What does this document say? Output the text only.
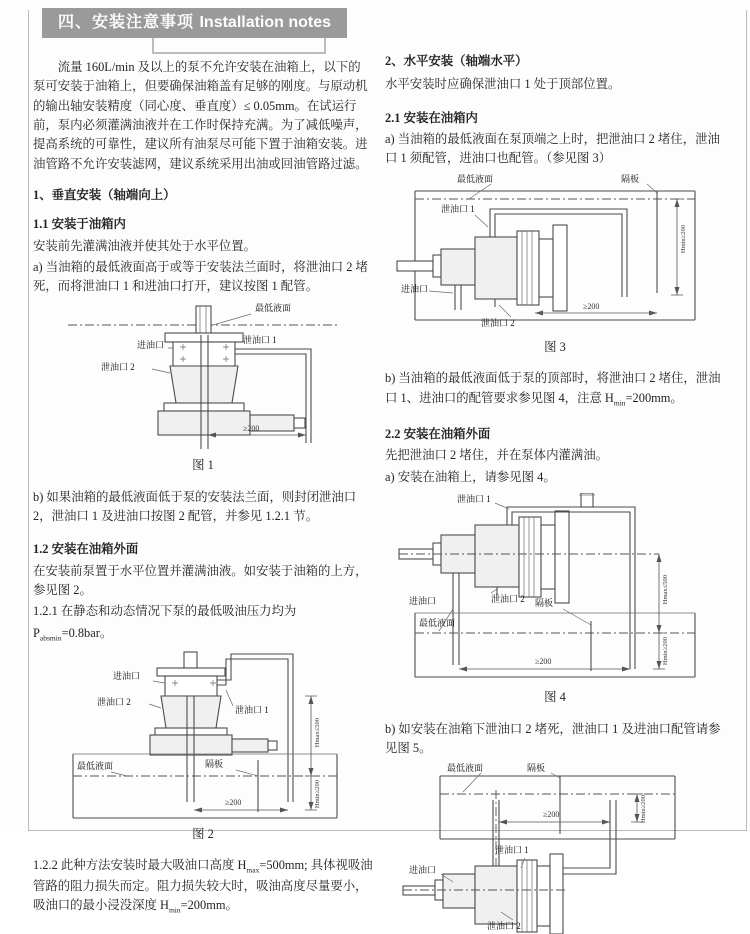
四、安装注意事项 Installation notes

流量 160L/min 及以上的泵不允许安装在油箱上，以下的泵可安装于油箱上，但要确保油箱盖有足够的刚度。与原动机的输出轴安装精度（同心度、垂直度）≤ 0.05mm。在试运行前，泵内必须灌满油液并在工作时保持充满。为了减低噪声，提高系统的可靠性，建议所有油泵尽可能下置于油箱安装。进油管路不允许安装滤网，建议系统采用出油或回油管路过滤。

1、垂直安装（轴端向上）

1.1 安装于油箱内

安装前先灌满油液并使其处于水平位置。

a) 当油箱的最低液面高于或等于安装法兰面时，将泄油口 2 堵死，而将泄油口 1 和进油口打开，建议按图 1 配管。

最低液面
进油口
泄油口 2
泄油口 1
≥200

图 1

b) 如果油箱的最低液面低于泵的安装法兰面，则封闭泄油口 2，泄油口 1 及进油口按图 2 配管，并参见 1.2.1 节。

1.2 安装在油箱外面

在安装前泵置于水平位置并灌满油液。如安装于油箱的上方，参见图 2。

1.2.1 在静态和动态情况下泵的最低吸油压力均为

$P_{absmin}=0.8bar$。

进油口
泄油口 2
泄油口 1
最低液面	隔板
≥200
Hmax≤500
Hmin≥200

图 2

1.2.2 此种方法安装时最大吸油口高度 $H_{max}=500mm$; 具体视吸油管路的阻力损失而定。阻力损失较大时，吸油高度尽量要小，吸油口的最小浸没深度 $H_{min}=200mm$。

2、水平安装（轴端水平）

水平安装时应确保泄油口 1 处于顶部位置。

2.1 安装在油箱内

a) 当油箱的最低液面在泵顶端之上时，把泄油口 2 堵住，泄油口 1 须配管，进油口也配管。（参见图 3）

最低液面	隔板
泄油口 1
进油口
泄油口 2
≥200
Hmin≥200

图 3

b) 当油箱的最低液面低于泵的顶部时，将泄油口 2 堵住，泄油口 1、进油口的配管要求参见图 4，注意 $H_{min}=200mm$。

2.2 安装在油箱外面

先把泄油口 2 堵住，并在泵体内灌满油。

a) 安装在油箱上，请参见图 4。

泄油口 1
进油口	泄油口 2
最低液面
隔板
≥200
Hmax≤500
Hmin≥200

图 4

b) 如安装在油箱下泄油口 2 堵死，泄油口 1 及进油口配管请参见图 5。

最低液面	隔板
≥200	Hmin≥200
泄油口 1
进油口
泄油口 2
